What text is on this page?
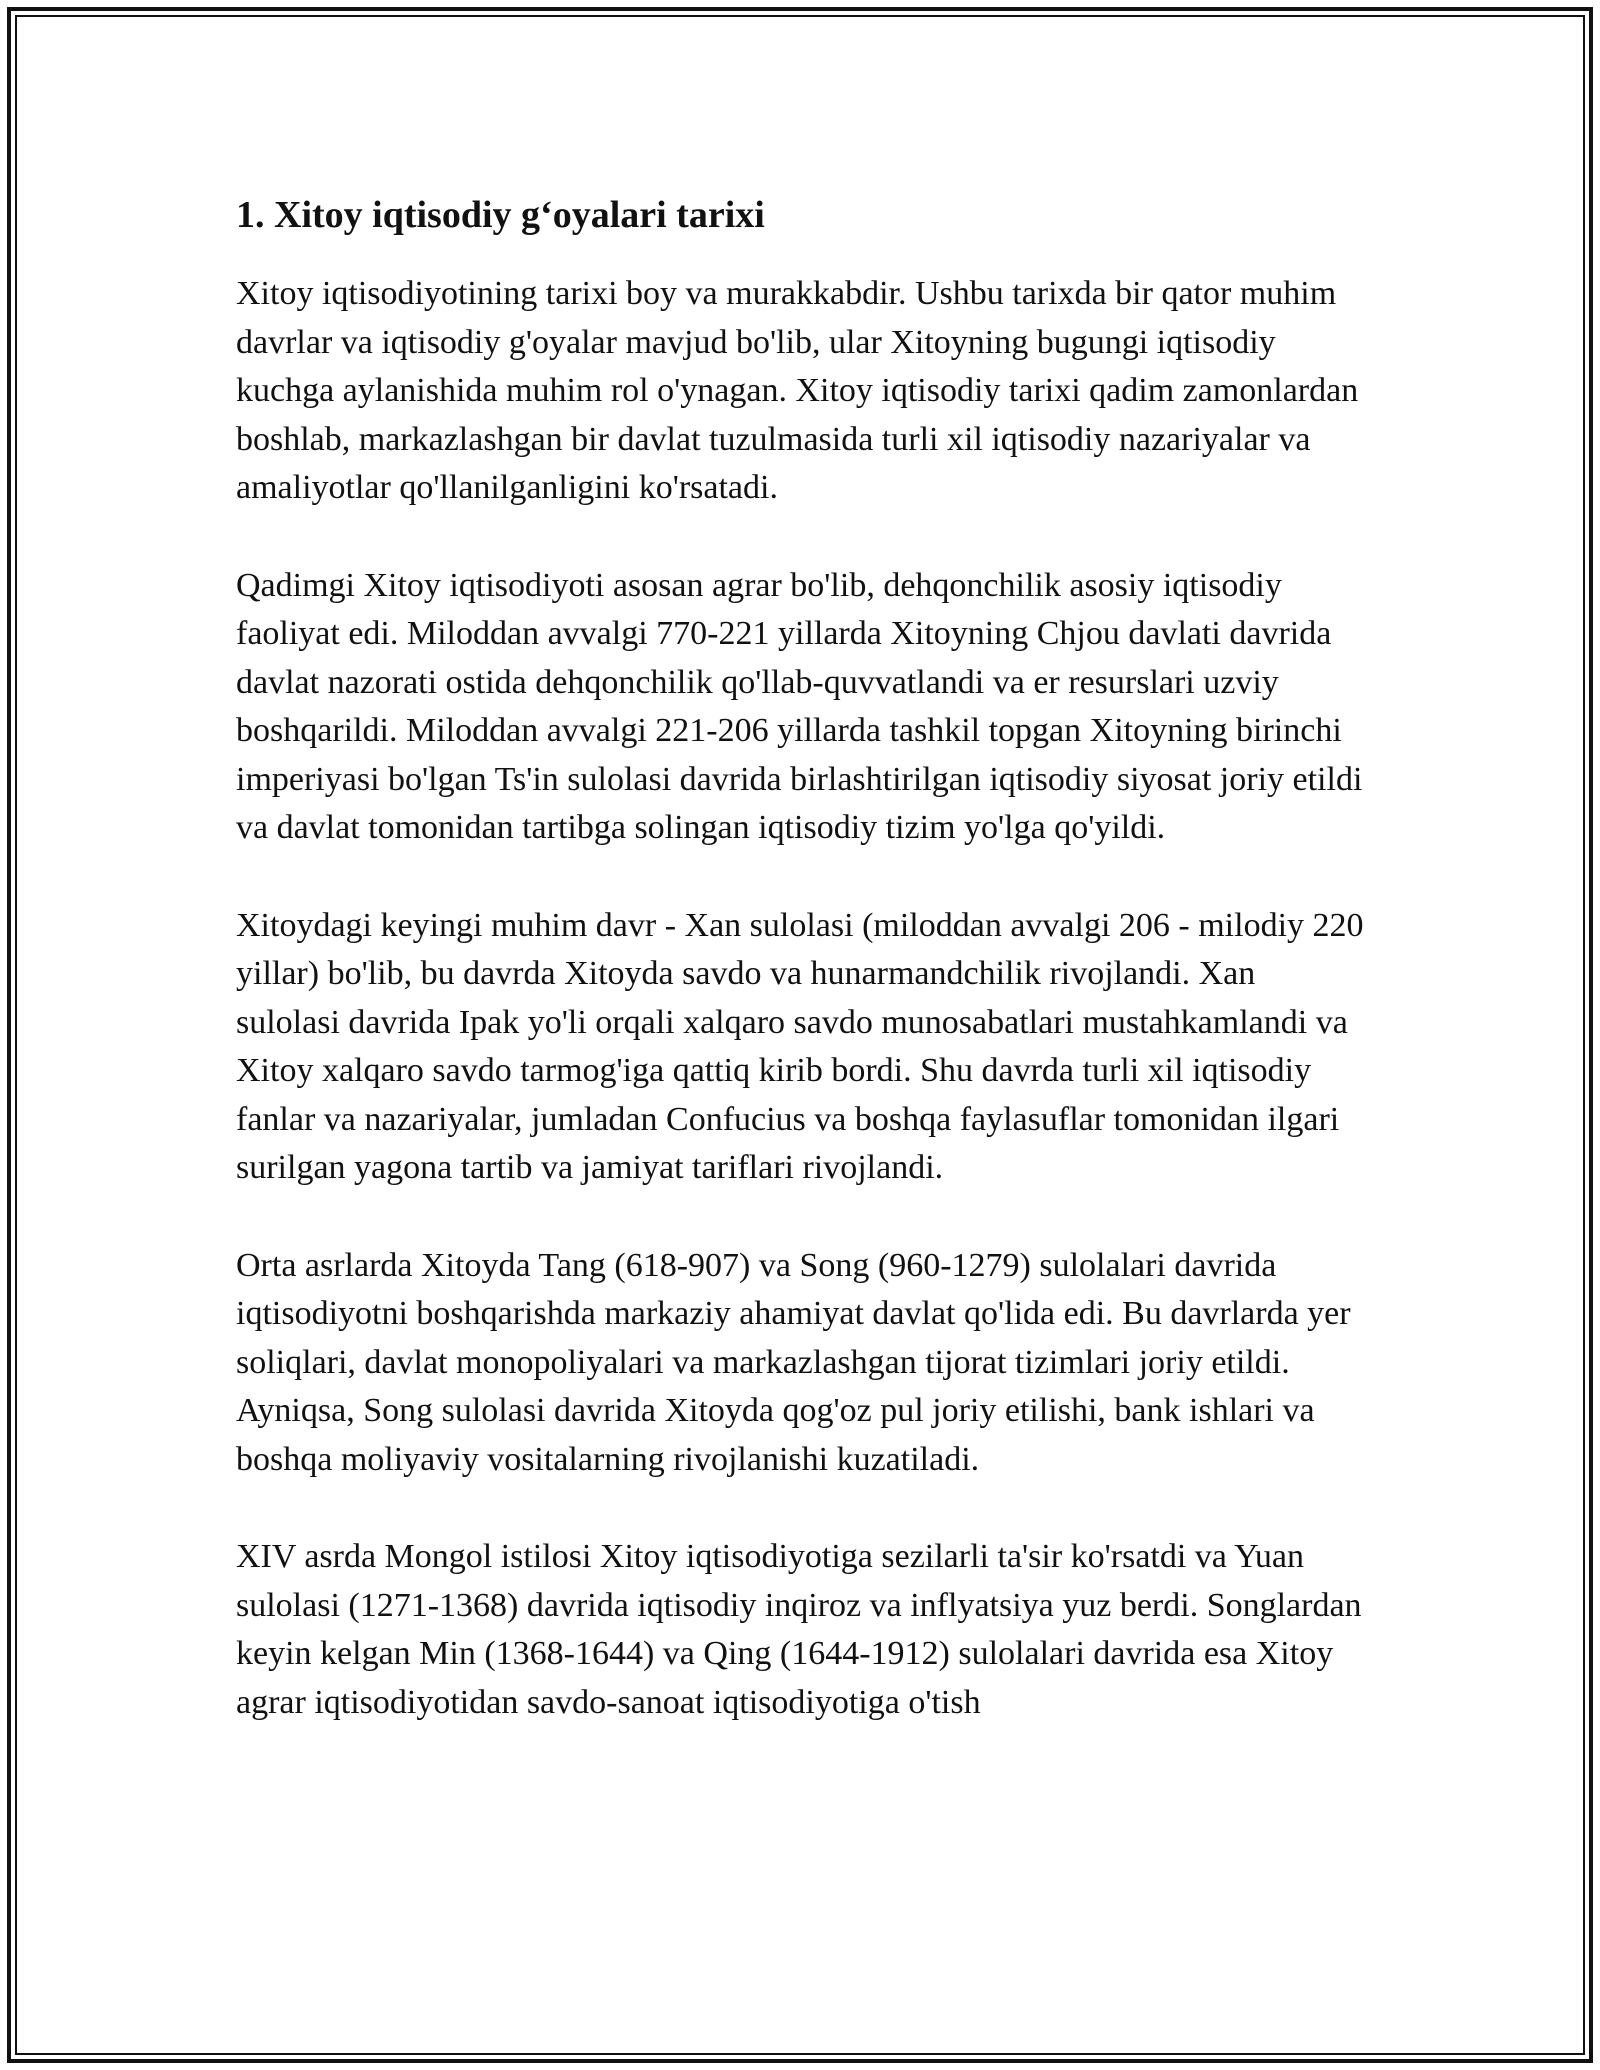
1. Xitoy iqtisodiy g‘oyalari tarixi

Xitoy iqtisodiyotining tarixi boy va murakkabdir. Ushbu tarixda bir qator muhim davrlar va iqtisodiy g'oyalar mavjud bo'lib, ular Xitoyning bugungi iqtisodiy kuchga aylanishida muhim rol o'ynagan. Xitoy iqtisodiy tarixi qadim zamonlardan boshlab, markazlashgan bir davlat tuzulmasida turli xil iqtisodiy nazariyalar va amaliyotlar qo'llanilganligini ko'rsatadi.

Qadimgi Xitoy iqtisodiyoti asosan agrar bo'lib, dehqonchilik asosiy iqtisodiy faoliyat edi. Miloddan avvalgi 770-221 yillarda Xitoyning Chjou davlati davrida davlat nazorati ostida dehqonchilik qo'llab-quvvatlandi va er resurslari uzviy boshqarildi. Miloddan avvalgi 221-206 yillarda tashkil topgan Xitoyning birinchi imperiyasi bo'lgan Ts'in sulolasi davrida birlashtirilgan iqtisodiy siyosat joriy etildi va davlat tomonidan tartibga solingan iqtisodiy tizim yo'lga qo'yildi.

Xitoydagi keyingi muhim davr - Xan sulolasi (miloddan avvalgi 206 - milodiy 220 yillar) bo'lib, bu davrda Xitoyda savdo va hunarmandchilik rivojlandi. Xan sulolasi davrida Ipak yo'li orqali xalqaro savdo munosabatlari mustahkamlandi va Xitoy xalqaro savdo tarmog'iga qattiq kirib bordi. Shu davrda turli xil iqtisodiy fanlar va nazariyalar, jumladan Confucius va boshqa faylasuflar tomonidan ilgari surilgan yagona tartib va jamiyat tariflari rivojlandi.

Orta asrlarda Xitoyda Tang (618-907) va Song (960-1279) sulolalari davrida iqtisodiyotni boshqarishda markaziy ahamiyat davlat qo'lida edi. Bu davrlarda yer soliqlari, davlat monopoliyalari va markazlashgan tijorat tizimlari joriy etildi. Ayniqsa, Song sulolasi davrida Xitoyda qog'oz pul joriy etilishi, bank ishlari va boshqa moliyaviy vositalarning rivojlanishi kuzatiladi.

XIV asrda Mongol istilosi Xitoy iqtisodiyotiga sezilarli ta'sir ko'rsatdi va Yuan sulolasi (1271-1368) davrida iqtisodiy inqiroz va inflyatsiya yuz berdi. Songlardan keyin kelgan Min (1368-1644) va Qing (1644-1912) sulolalari davrida esa Xitoy agrar iqtisodiyotidan savdo-sanoat iqtisodiyotiga o'tish
